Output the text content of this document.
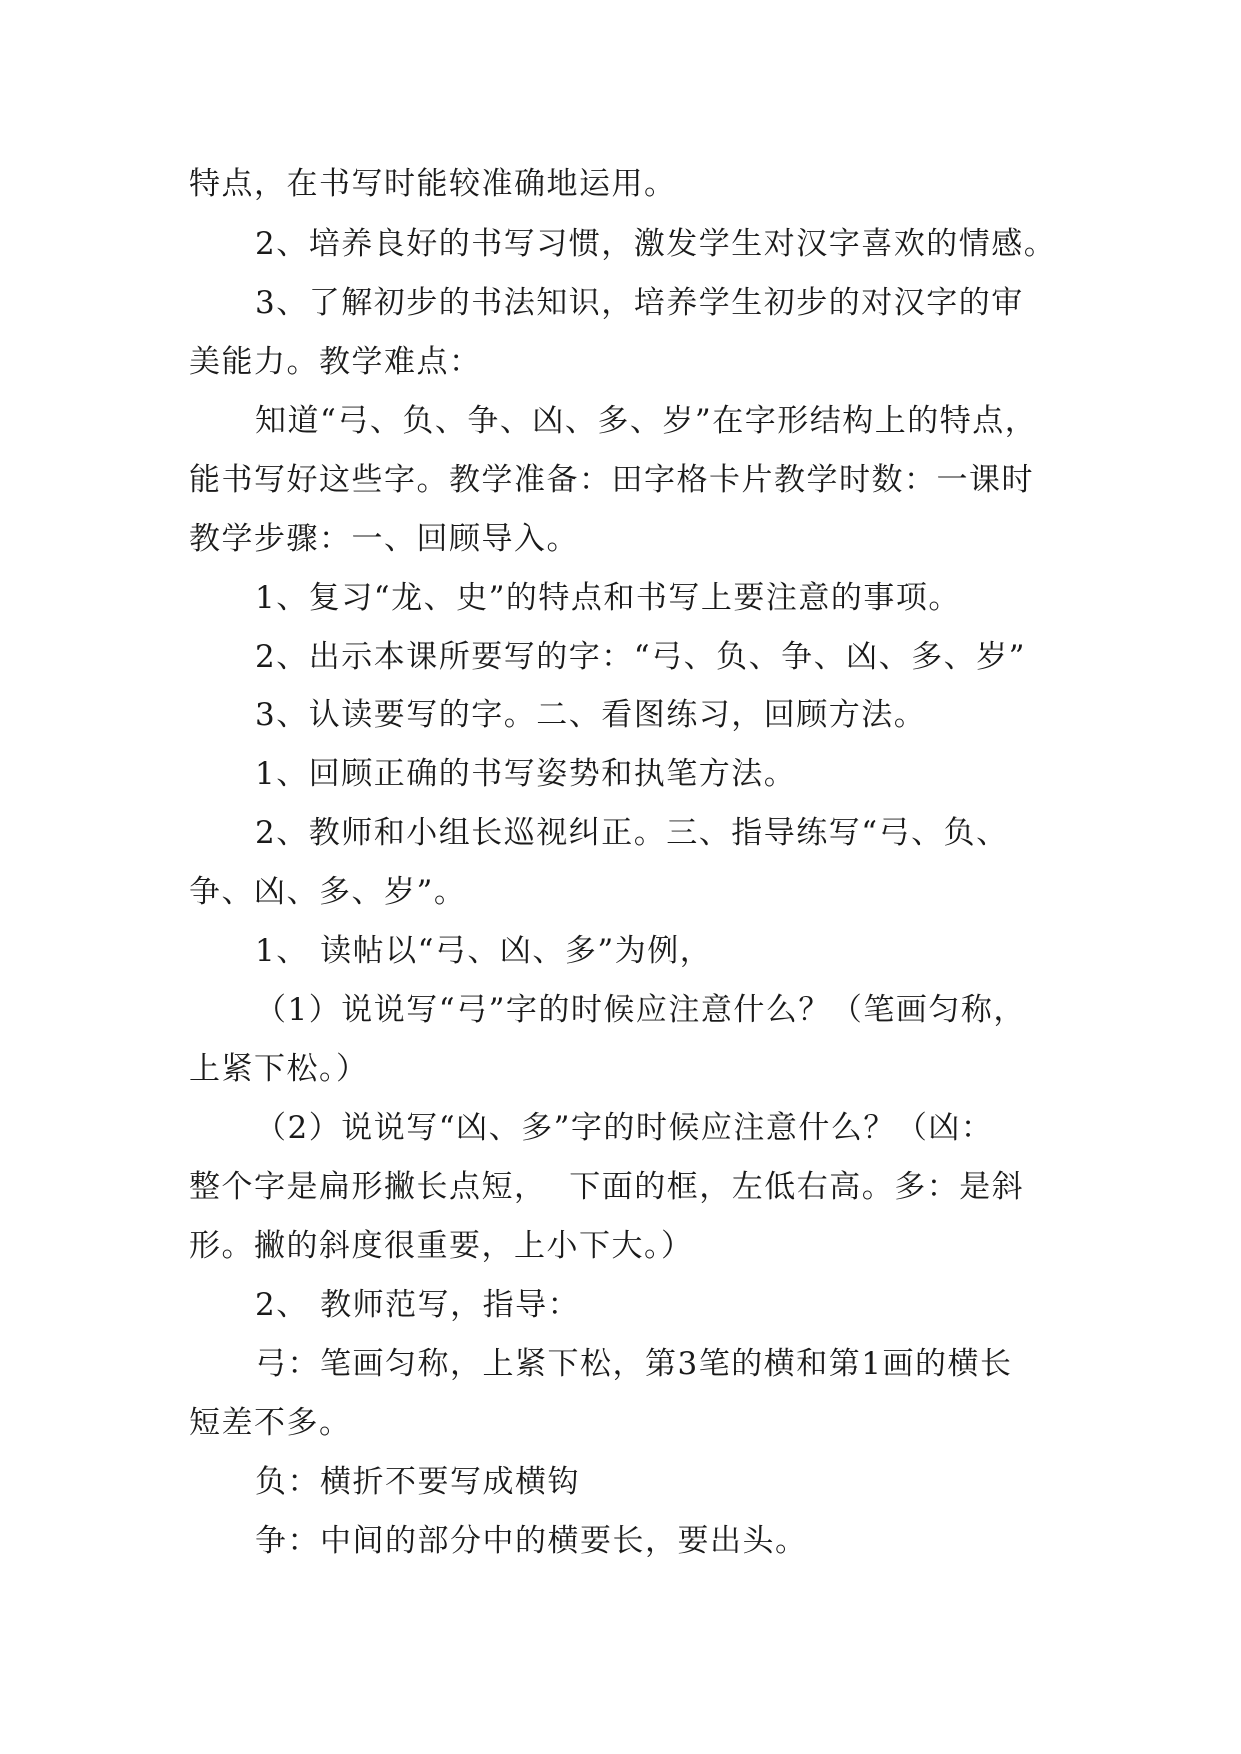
特点，在书写时能较准确地运用。
2、培养良好的书写习惯，激发学生对汉字喜欢的情感。
3、了解初步的书法知识，培养学生初步的对汉字的审
美能力。教学难点：
知道“弓、负、争、凶、多、岁”在字形结构上的特点，
能书写好这些字。教学准备：田字格卡片教学时数：一课时
教学步骤：一、回顾导入。
1、复习“龙、史”的特点和书写上要注意的事项。
2、出示本课所要写的字：“弓、负、争、凶、多、岁”
3、认读要写的字。二、看图练习，回顾方法。
1、回顾正确的书写姿势和执笔方法。
2、教师和小组长巡视纠正。三、指导练写“弓、负、
争、凶、多、岁”。
1、 读帖以“弓、凶、多”为例，
（1）说说写“弓”字的时候应注意什么？（笔画匀称，
上紧下松。）
（2）说说写“凶、多”字的时候应注意什么？（凶：
整个字是扁形撇长点短，  下面的框，左低右高。多：是斜
形。撇的斜度很重要，上小下大。）
2、 教师范写，指导：
弓：笔画匀称，上紧下松，第3笔的横和第1画的横长
短差不多。
负：横折不要写成横钩
争：中间的部分中的横要长，要出头。
